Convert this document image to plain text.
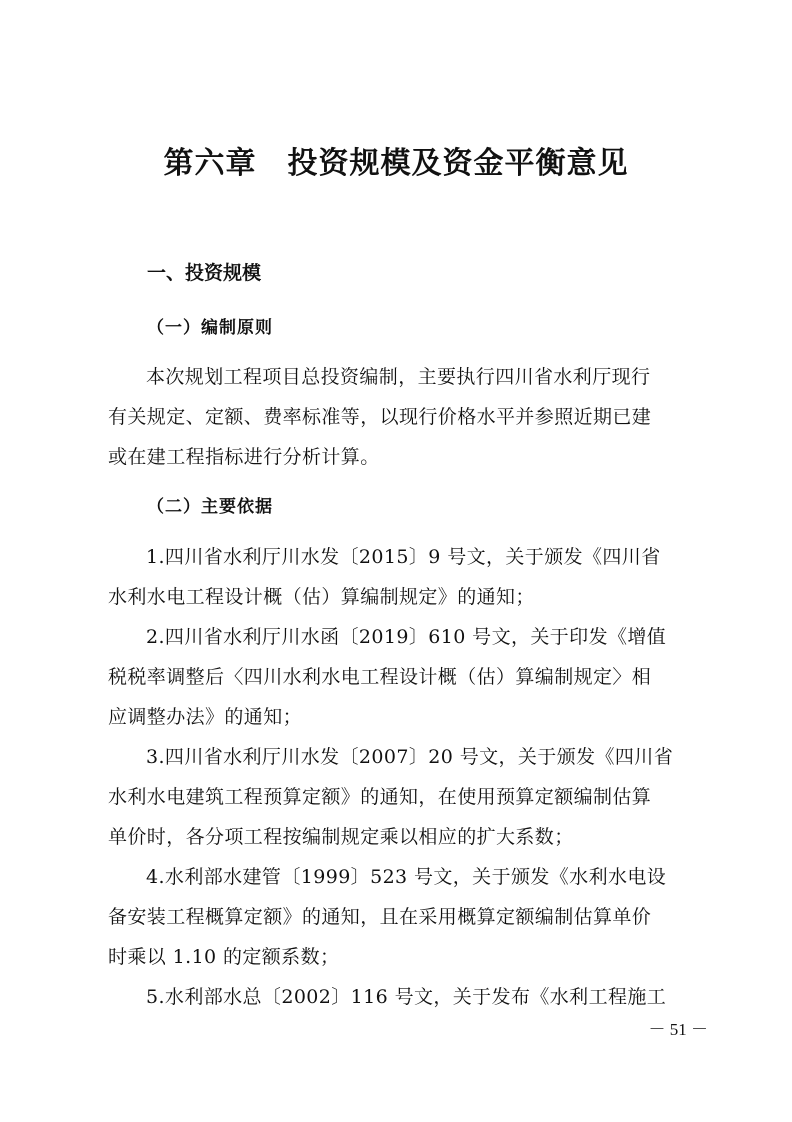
第六章　投资规模及资金平衡意见
一、投资规模
（一）编制原则
本次规划工程项目总投资编制，主要执行四川省水利厅现行
有关规定、定额、费率标准等，以现行价格水平并参照近期已建
或在建工程指标进行分析计算。
（二）主要依据
1.四川省水利厅川水发〔2015〕9 号文，关于颁发《四川省
水利水电工程设计概（估）算编制规定》的通知；
2.四川省水利厅川水函〔2019〕610 号文，关于印发《增值
税税率调整后〈四川水利水电工程设计概（估）算编制规定〉相
应调整办法》的通知；
3.四川省水利厅川水发〔2007〕20 号文，关于颁发《四川省
水利水电建筑工程预算定额》的通知，在使用预算定额编制估算
单价时，各分项工程按编制规定乘以相应的扩大系数；
4.水利部水建管〔1999〕523 号文，关于颁发《水利水电设
备安装工程概算定额》的通知，且在采用概算定额编制估算单价
时乘以 1.10 的定额系数；
5.水利部水总〔2002〕116 号文，关于发布《水利工程施工
－ 51 －
